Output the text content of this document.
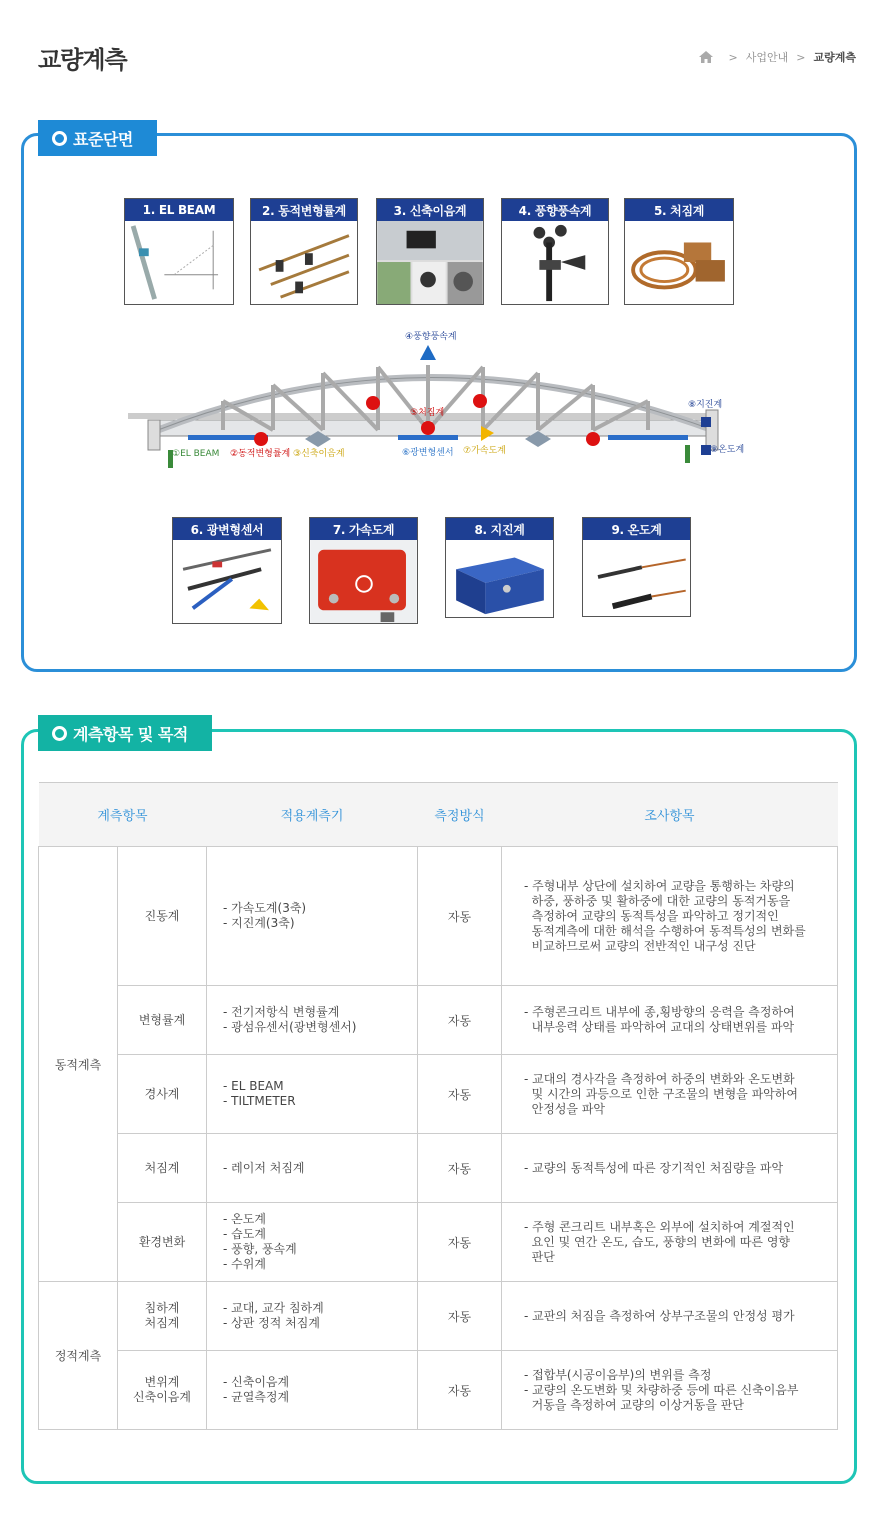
교량계측	> 사업안내 > 교량계측
표준단면
1. EL BEAM	2. 동적변형률계	3. 신축이음계	4. 풍향풍속계	5. 처짐계
④풍향풍속계
⑤처짐계
⑧지진계
⑨온도계
①EL BEAM ②동적변형률계 ③신축이음계	⑥광변형센서 ⑦가속도계
6. 광변형센서	7. 가속도계	8. 지진계	9. 온도계
계측항목 및 목적
계측항목		적용계측기	측정방식	조사항목
동적계측	진동계	- 가속도계(3축)
- 지진계(3축)	자동	- 주형내부 상단에 설치하여 교량을 통행하는 차량의
하중, 풍하중 및 활하중에 대한 교량의 동적거동을
측정하여 교량의 동적특성을 파악하고 정기적인
동적계측에 대한 해석을 수행하여 동적특성의 변화를
비교하므로써 교량의 전반적인 내구성 진단

	변형률계	- 전기저항식 변형률계
- 광섬유센서(광변형센서)	자동	- 주형콘크리트 내부에 종,횡방향의 응력을 측정하여
내부응력 상태를 파악하여 교대의 상태변위를 파악

	경사계	- EL BEAM
- TILTMETER	자동	- 교대의 경사각을 측정하여 하중의 변화와 온도변화
및 시간의 과등으로 인한 구조물의 변형을 파악하여
안정성을 파악

	처짐계	- 레이저 처짐계	자동	- 교량의 동적특성에 따른 장기적인 처짐량을 파악

	환경변화	- 온도계
- 습도계
- 풍향, 풍속계
- 수위계	자동	- 주형 콘크리트 내부혹은 외부에 설치하여 계절적인
요인 및 연간 온도, 습도, 풍향의 변화에 따른 영향
판단

정적계측	침하계
처짐계	- 교대, 교각 침하계
- 상판 정적 처짐계	자동	- 교판의 처짐을 측정하여 상부구조물의 안정성 평가

	변위계
신축이음계	- 신축이음계
- 균열측정계	자동	- 접합부(시공이음부)의 변위를 측정
- 교량의 온도변화 및 차량하중 등에 따른 신축이음부
거동을 측정하여 교량의 이상거동을 판단
